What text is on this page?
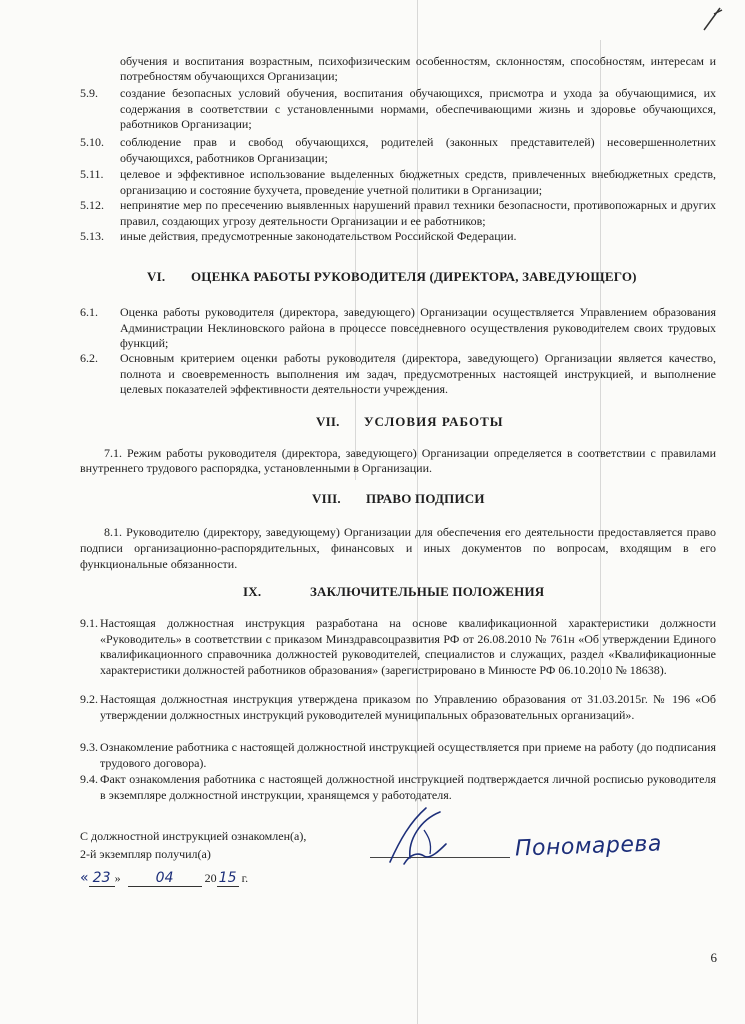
обучения и воспитания возрастным, психофизическим особенностям, склонностям, способностям, интересам и потребностям обучающихся Организации;
5.9. создание безопасных условий обучения, воспитания обучающихся, присмотра и ухода за обучающимися, их содержания в соответствии с установленными нормами, обеспечивающими жизнь и здоровье обучающихся, работников Организации;
5.10. соблюдение прав и свобод обучающихся, родителей (законных представителей) несовершеннолетних обучающихся, работников Организации;
5.11. целевое и эффективное использование выделенных бюджетных средств, привлеченных внебюджетных средств, организацию и состояние бухучета, проведение учетной политики в Организации;
5.12. непринятие мер по пресечению выявленных нарушений правил техники безопасности, противопожарных и других правил, создающих угрозу деятельности Организации и ее работников;
5.13. иные действия, предусмотренные законодательством Российской Федерации.
VI. ОЦЕНКА РАБОТЫ РУКОВОДИТЕЛЯ (ДИРЕКТОРА, ЗАВЕДУЮЩЕГО)
6.1. Оценка работы руководителя (директора, заведующего) Организации осуществляется Управлением образования Администрации Неклиновского района в процессе повседневного осуществления руководителем своих трудовых функций;
6.2. Основным критерием оценки работы руководителя (директора, заведующего) Организации является качество, полнота и своевременность выполнения им задач, предусмотренных настоящей инструкцией, и выполнение целевых показателей эффективности деятельности учреждения.
VII. УСЛОВИЯ РАБОТЫ
7.1. Режим работы руководителя (директора, заведующего) Организации определяется в соответствии с правилами внутреннего трудового распорядка, установленными в Организации.
VIII. ПРАВО ПОДПИСИ
8.1. Руководителю (директору, заведующему) Организации для обеспечения его деятельности предоставляется право подписи организационно-распорядительных, финансовых и иных документов по вопросам, входящим в его функциональные обязанности.
IX.	ЗАКЛЮЧИТЕЛЬНЫЕ ПОЛОЖЕНИЯ
9.1. Настоящая должностная инструкция разработана на основе квалификационной характеристики должности «Руководитель» в соответствии с приказом Минздравсоцразвития РФ от 26.08.2010 № 761н «Об утверждении Единого квалификационного справочника должностей руководителей, специалистов и служащих, раздел «Квалификационные характеристики должностей работников образования» (зарегистрировано в Минюсте РФ 06.10.2010 № 18638).
9.2. Настоящая должностная инструкция утверждена приказом по Управлению образования от 31.03.2015г. № 196 «Об утверждении должностных инструкций руководителей муниципальных образовательных организаций».
9.3. Ознакомление работника с настоящей должностной инструкцией осуществляется при приеме на работу (до подписания трудового договора).
9.4. Факт ознакомления работника с настоящей должностной инструкцией подтверждается личной росписью руководителя в экземпляре должностной инструкции, хранящемся у работодателя.
С должностной инструкцией ознакомлен(а),
2-й экземпляр получил(а)
« 23 »	04	20 15 г.
Пономарева
6
